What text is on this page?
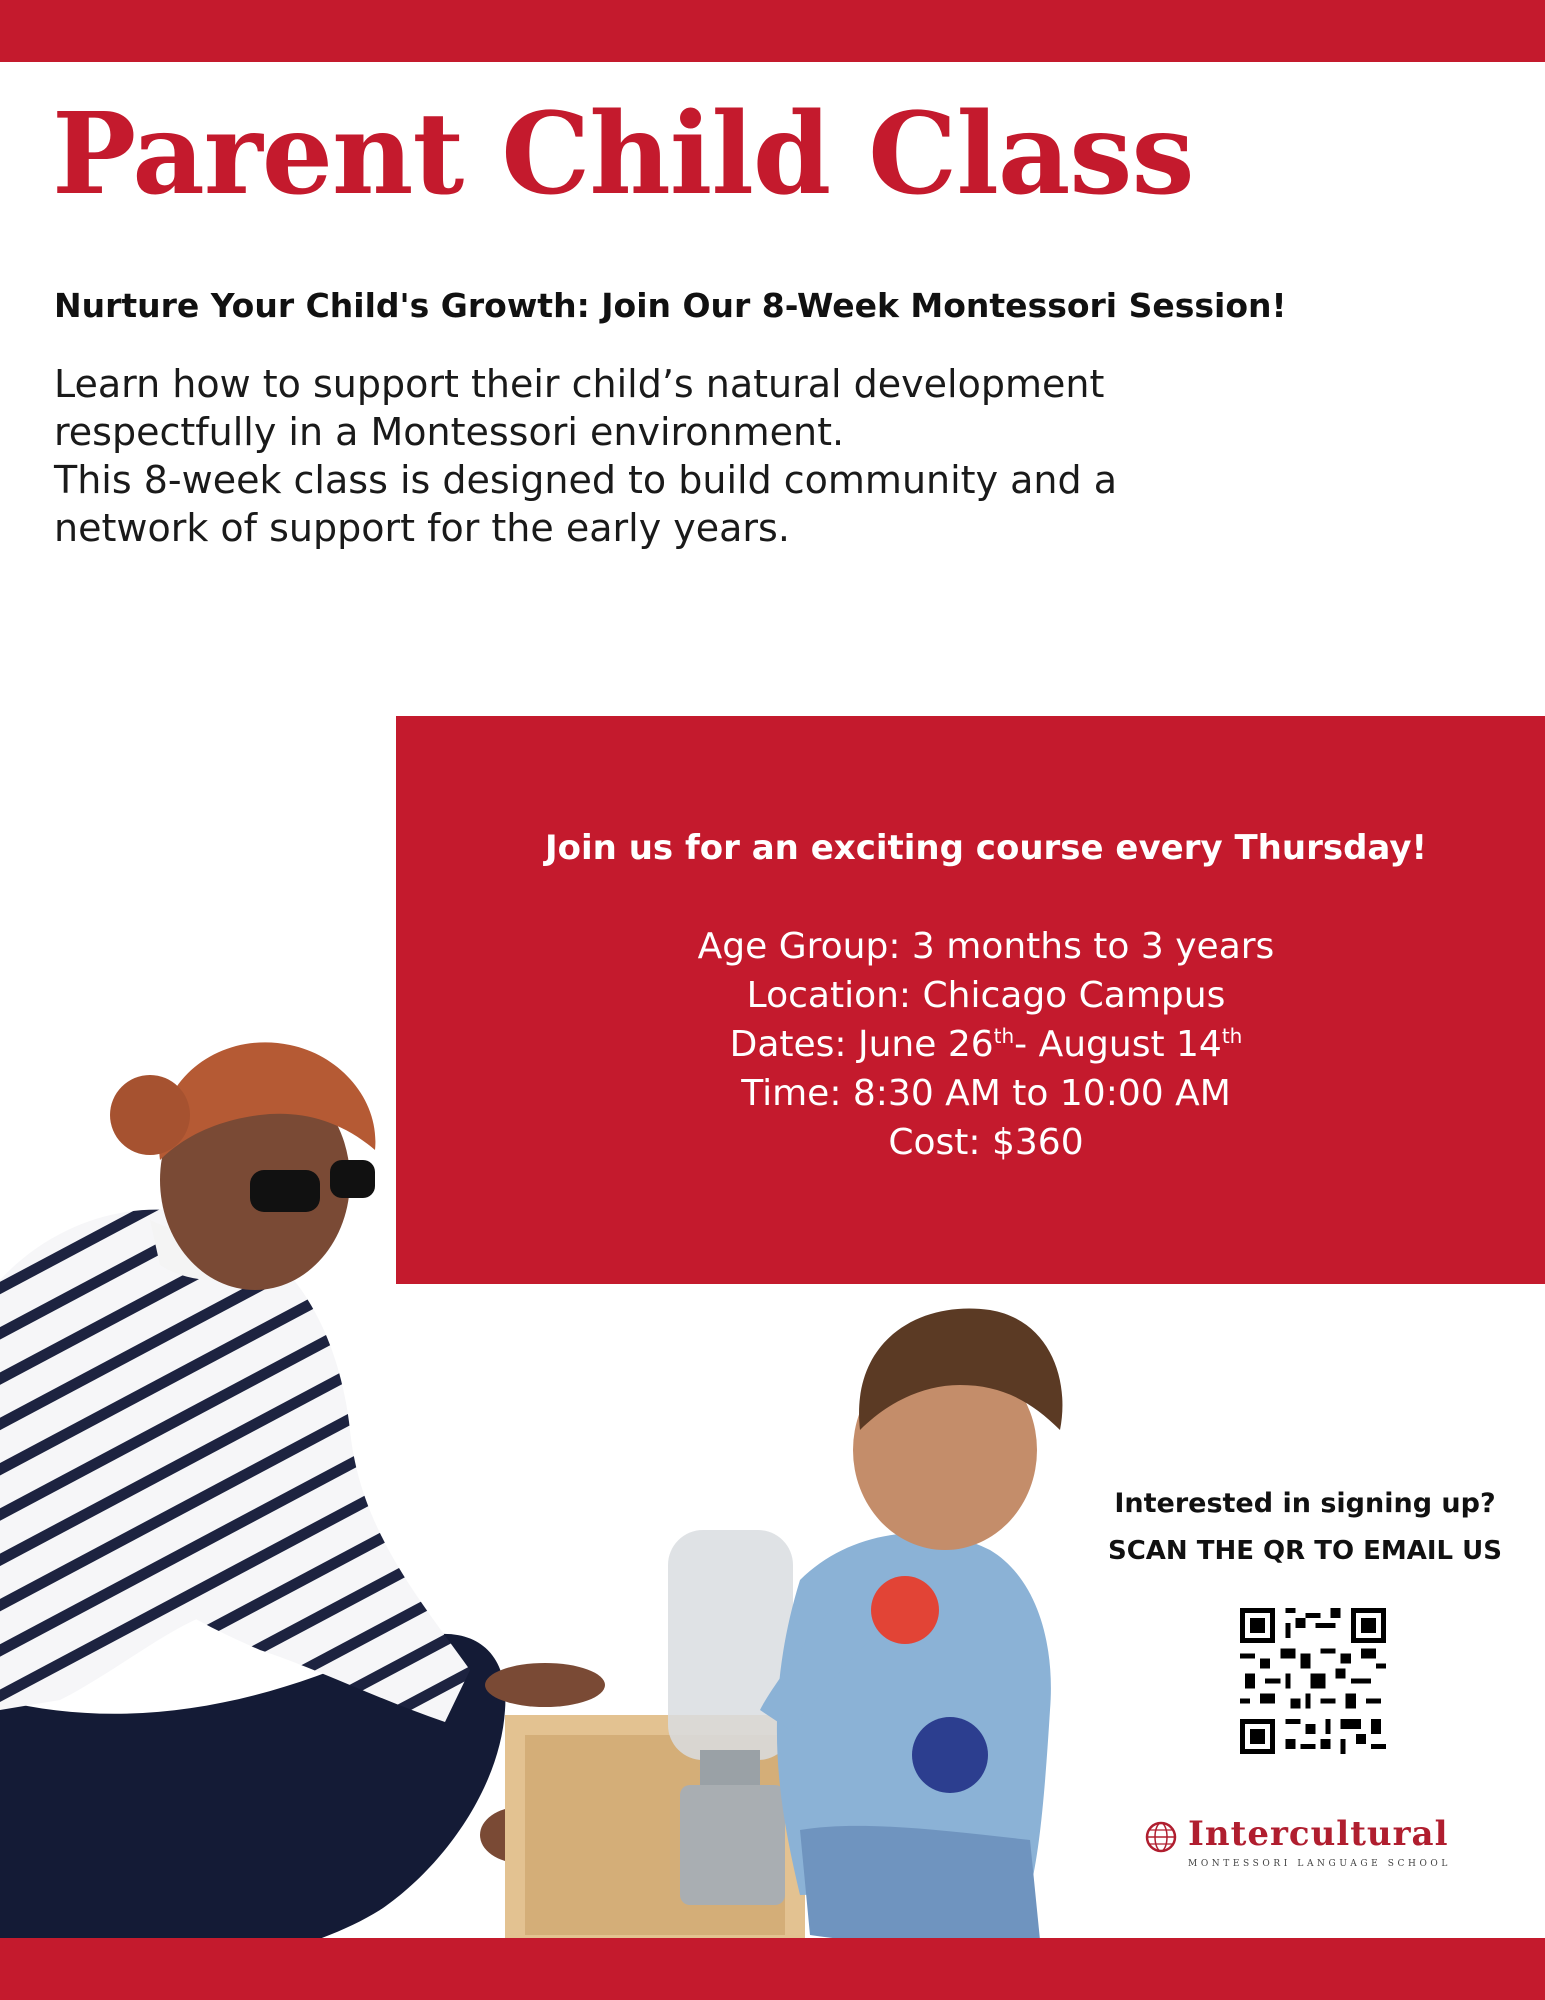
Parent Child Class
Nurture Your Child's Growth: Join Our 8-Week Montessori Session!

Learn how to support their child’s natural development respectfully in a Montessori environment.

This 8-week class is designed to build community and a network of support for the early years.

Join us for an exciting course every Thursday!
Age Group: 3 months to 3 years
Location: Chicago Campus
Dates: June 26th- August 14th
Time: 8:30 AM to 10:00 AM
Cost: $360
Interested in signing up?
SCAN THE QR TO EMAIL US
Intercultural
MONTESSORI LANGUAGE SCHOOL
